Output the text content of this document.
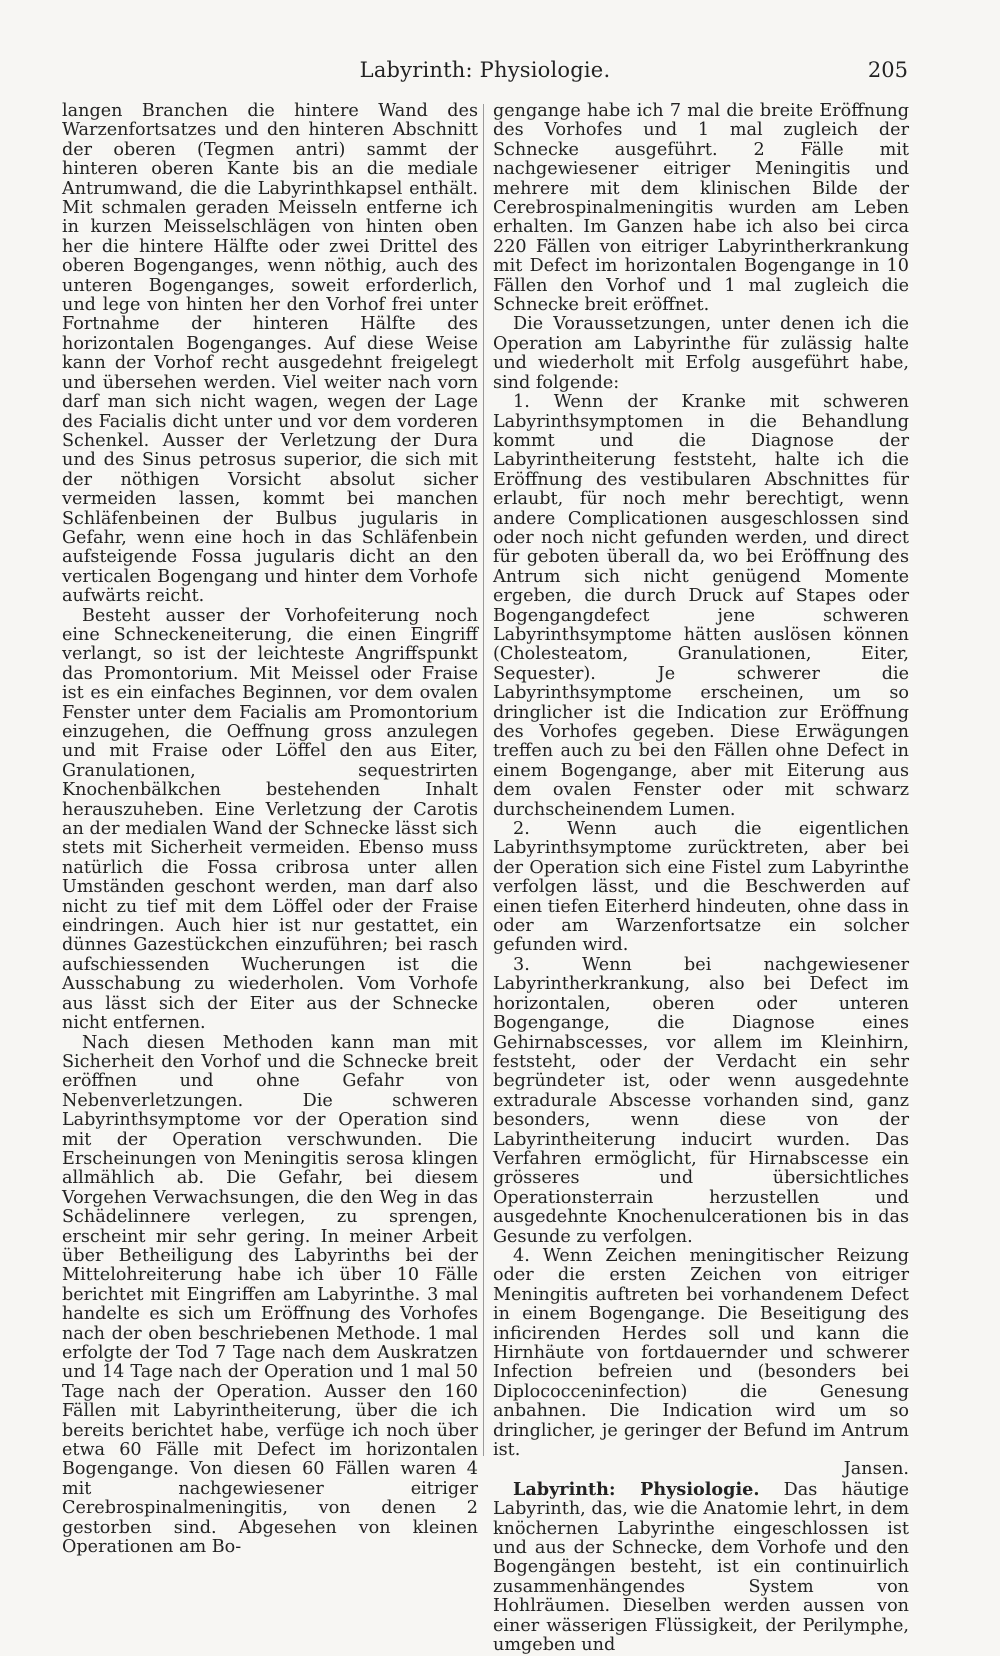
Labyrinth: Physiologie.	205

langen Branchen die hintere Wand des Warzenfortsatzes und den hinteren Abschnitt der oberen (Tegmen antri) sammt der hinteren oberen Kante bis an die mediale Antrumwand, die die Labyrinthkapsel enthält. Mit schmalen geraden Meisseln entferne ich in kurzen Meisselschlägen von hinten oben her die hintere Hälfte oder zwei Drittel des oberen Bogenganges, wenn nöthig, auch des unteren Bogenganges, soweit erforderlich, und lege von hinten her den Vorhof frei unter Fortnahme der hinteren Hälfte des horizontalen Bogenganges. Auf diese Weise kann der Vorhof recht ausgedehnt freigelegt und übersehen werden. Viel weiter nach vorn darf man sich nicht wagen, wegen der Lage des Facialis dicht unter und vor dem vorderen Schenkel. Ausser der Verletzung der Dura und des Sinus petrosus superior, die sich mit der nöthigen Vorsicht absolut sicher vermeiden lassen, kommt bei manchen Schläfenbeinen der Bulbus jugularis in Gefahr, wenn eine hoch in das Schläfenbein aufsteigende Fossa jugularis dicht an den verticalen Bogengang und hinter dem Vorhofe aufwärts reicht.

Besteht ausser der Vorhofeiterung noch eine Schneckeneiterung, die einen Eingriff verlangt, so ist der leichteste Angriffspunkt das Promontorium. Mit Meissel oder Fraise ist es ein einfaches Beginnen, vor dem ovalen Fenster unter dem Facialis am Promontorium einzugehen, die Oeffnung gross anzulegen und mit Fraise oder Löffel den aus Eiter, Granulationen, sequestrirten Knochenbälkchen bestehenden Inhalt herauszuheben. Eine Verletzung der Carotis an der medialen Wand der Schnecke lässt sich stets mit Sicherheit vermeiden. Ebenso muss natürlich die Fossa cribrosa unter allen Umständen geschont werden, man darf also nicht zu tief mit dem Löffel oder der Fraise eindringen. Auch hier ist nur gestattet, ein dünnes Gazestückchen einzuführen; bei rasch aufschiessenden Wucherungen ist die Ausschabung zu wiederholen. Vom Vorhofe aus lässt sich der Eiter aus der Schnecke nicht entfernen.

Nach diesen Methoden kann man mit Sicherheit den Vorhof und die Schnecke breit eröffnen und ohne Gefahr von Nebenverletzungen. Die schweren Labyrinthsymptome vor der Operation sind mit der Operation verschwunden. Die Erscheinungen von Meningitis serosa klingen allmählich ab. Die Gefahr, bei diesem Vorgehen Verwachsungen, die den Weg in das Schädelinnere verlegen, zu sprengen, erscheint mir sehr gering. In meiner Arbeit über Betheiligung des Labyrinths bei der Mittelohreiterung habe ich über 10 Fälle berichtet mit Eingriffen am Labyrinthe. 3 mal handelte es sich um Eröffnung des Vorhofes nach der oben beschriebenen Methode. 1 mal erfolgte der Tod 7 Tage nach dem Auskratzen und 14 Tage nach der Operation und 1 mal 50 Tage nach der Operation. Ausser den 160 Fällen mit Labyrintheiterung, über die ich bereits berichtet habe, verfüge ich noch über etwa 60 Fälle mit Defect im horizontalen Bogengange. Von diesen 60 Fällen waren 4 mit nachgewiesener eitriger Cerebrospinalmeningitis, von denen 2 gestorben sind. Abgesehen von kleinen Operationen am Bo-

gengange habe ich 7 mal die breite Eröffnung des Vorhofes und 1 mal zugleich der Schnecke ausgeführt. 2 Fälle mit nachgewiesener eitriger Meningitis und mehrere mit dem klinischen Bilde der Cerebrospinalmeningitis wurden am Leben erhalten. Im Ganzen habe ich also bei circa 220 Fällen von eitriger Labyrintherkrankung mit Defect im horizontalen Bogengange in 10 Fällen den Vorhof und 1 mal zugleich die Schnecke breit eröffnet.

Die Voraussetzungen, unter denen ich die Operation am Labyrinthe für zulässig halte und wiederholt mit Erfolg ausgeführt habe, sind folgende:

1. Wenn der Kranke mit schweren Labyrinthsymptomen in die Behandlung kommt und die Diagnose der Labyrintheiterung feststeht, halte ich die Eröffnung des vestibularen Abschnittes für erlaubt, für noch mehr berechtigt, wenn andere Complicationen ausgeschlossen sind oder noch nicht gefunden werden, und direct für geboten überall da, wo bei Eröffnung des Antrum sich nicht genügend Momente ergeben, die durch Druck auf Stapes oder Bogengangdefect jene schweren Labyrinthsymptome hätten auslösen können (Cholesteatom, Granulationen, Eiter, Sequester). Je schwerer die Labyrinthsymptome erscheinen, um so dringlicher ist die Indication zur Eröffnung des Vorhofes gegeben. Diese Erwägungen treffen auch zu bei den Fällen ohne Defect in einem Bogengange, aber mit Eiterung aus dem ovalen Fenster oder mit schwarz durchscheinendem Lumen.

2. Wenn auch die eigentlichen Labyrinthsymptome zurücktreten, aber bei der Operation sich eine Fistel zum Labyrinthe verfolgen lässt, und die Beschwerden auf einen tiefen Eiterherd hindeuten, ohne dass in oder am Warzenfortsatze ein solcher gefunden wird.

3. Wenn bei nachgewiesener Labyrintherkrankung, also bei Defect im horizontalen, oberen oder unteren Bogengange, die Diagnose eines Gehirnabscesses, vor allem im Kleinhirn, feststeht, oder der Verdacht ein sehr begründeter ist, oder wenn ausgedehnte extradurale Abscesse vorhanden sind, ganz besonders, wenn diese von der Labyrintheiterung inducirt wurden. Das Verfahren ermöglicht, für Hirnabscesse ein grösseres und übersichtliches Operationsterrain herzustellen und ausgedehnte Knochenulcerationen bis in das Gesunde zu verfolgen.

4. Wenn Zeichen meningitischer Reizung oder die ersten Zeichen von eitriger Meningitis auftreten bei vorhandenem Defect in einem Bogengange. Die Beseitigung des inficirenden Herdes soll und kann die Hirnhäute von fortdauernder und schwerer Infection befreien und (besonders bei Diplococceninfection) die Genesung anbahnen. Die Indication wird um so dringlicher, je geringer der Befund im Antrum ist.

Jansen.

Labyrinth: Physiologie. Das häutige Labyrinth, das, wie die Anatomie lehrt, in dem knöchernen Labyrinthe eingeschlossen ist und aus der Schnecke, dem Vorhofe und den Bogengängen besteht, ist ein continuirlich zusammenhängendes System von Hohlräumen. Dieselben werden aussen von einer wässerigen Flüssigkeit, der Perilymphe, umgeben und
